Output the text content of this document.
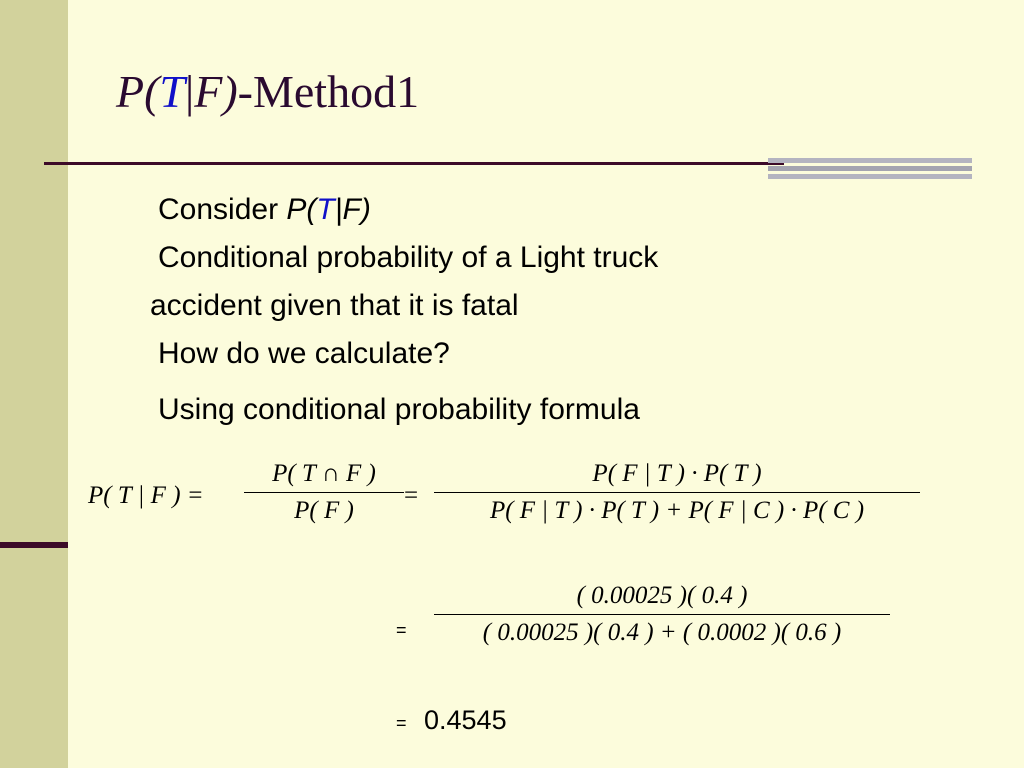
P(T|F)-Method1
Consider P(T|F)
Conditional probability of a Light truck
accident given that it is fatal
How do we calculate?
Using conditional probability formula
P( T | F ) =
P( T ∩ F )
P( F )
=
P( F | T ) · P( T )
P( F | T ) · P( T ) + P( F | C ) · P( C )
=
( 0.00025 )( 0.4 )
( 0.00025 )( 0.4 ) + ( 0.0002 )( 0.6 )
= 0.4545
